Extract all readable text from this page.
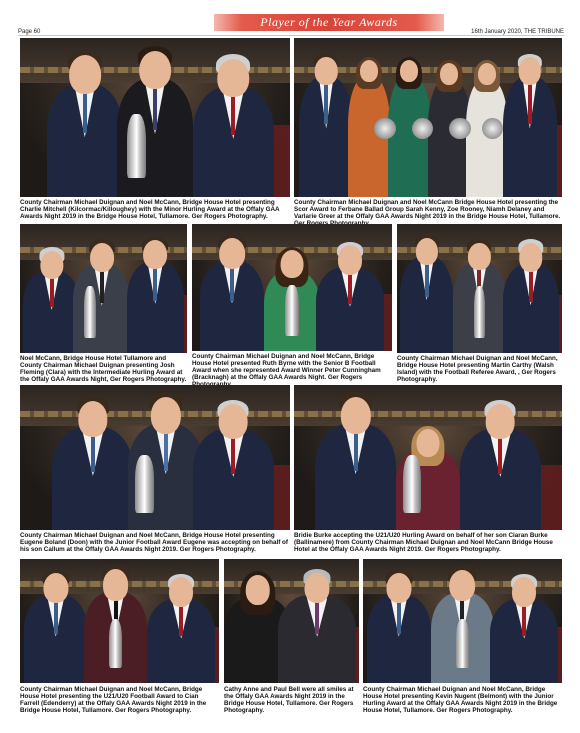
Page 60
Player of the Year Awards
16th January 2020, THE TRIBUNE
County Chairman Michael Duignan and Noel McCann, Bridge House Hotel presenting Charlie Mitchell (Kilcormac/Killoughey) with the Minor Hurling Award at the Offaly GAA Awards Night 2019 in the Bridge House Hotel, Tullamore. Ger Rogers Photography.
County Chairman Michael Duignan and Noel McCann Bridge House Hotel presenting the Scor Award to Ferbane Ballad Group Sarah Kenny, Zoe Rooney, Niamh Delaney and Varlarie Greer at the Offaly GAA Awards Night 2019 in the Bridge House Hotel, Tullamore.
Noel McCann, Bridge House Hotel Tullamore and County Chairman Michael Duignan presenting Josh Fleming (Clara) with the Intermediate Hurling Award at the Offaly GAA Awards Night, Ger Rogers Photography.
County Chairman Michael Duignan and Noel McCann, Bridge House Hotel presented Ruth Byrne with the Senior B Football Award when she represented Award Winner Peter Cunningham (Bracknagh) at the Offaly GAA Awards Night. Ger Rogers
County Chairman Michael Duignan and Noel McCann, Bridge House Hotel presenting Martin Carthy (Walsh Island) with the Football Referee Award, , Ger Rogers Photography.
County Chairman Michael Duignan and Noel McCann, Bridge House Hotel presenting Eugene Boland (Doon) with the Junior Football Award Eugene was accepting on behalf of his son Callum at the Offaly GAA Awards Night 2019. Ger Rogers Photography.
Bridie Burke accepting the U21/U20 Hurling Award on behalf of her son Ciaran Burke (Ballinamere) from County Chairman Michael Duignan and Noel McCann Bridge House Hotel at the Offaly GAA Awards Night 2019. Ger Rogers Photography.
County Chairman Michael Duignan and Noel McCann, Bridge House Hotel presenting the U21/U20 Football Award to Cian Farrell (Edenderry) at the Offaly GAA Awards Night 2019 in the Bridge House Hotel, Tullamore. Ger Rogers Photography.
Cathy Anne and Paul Bell were all smiles at the Offaly GAA Awards Night 2019 in the Bridge House Hotel, Tullamore. Ger Rogers Photography.
County Chairman Michael Duignan and Noel McCann, Bridge House Hotel presenting Kevin Nugent (Belmont) with the Junior Hurling Award at the Offaly GAA Awards Night 2019 in the Bridge House Hotel, Tullamore. Ger Rogers Photography.
